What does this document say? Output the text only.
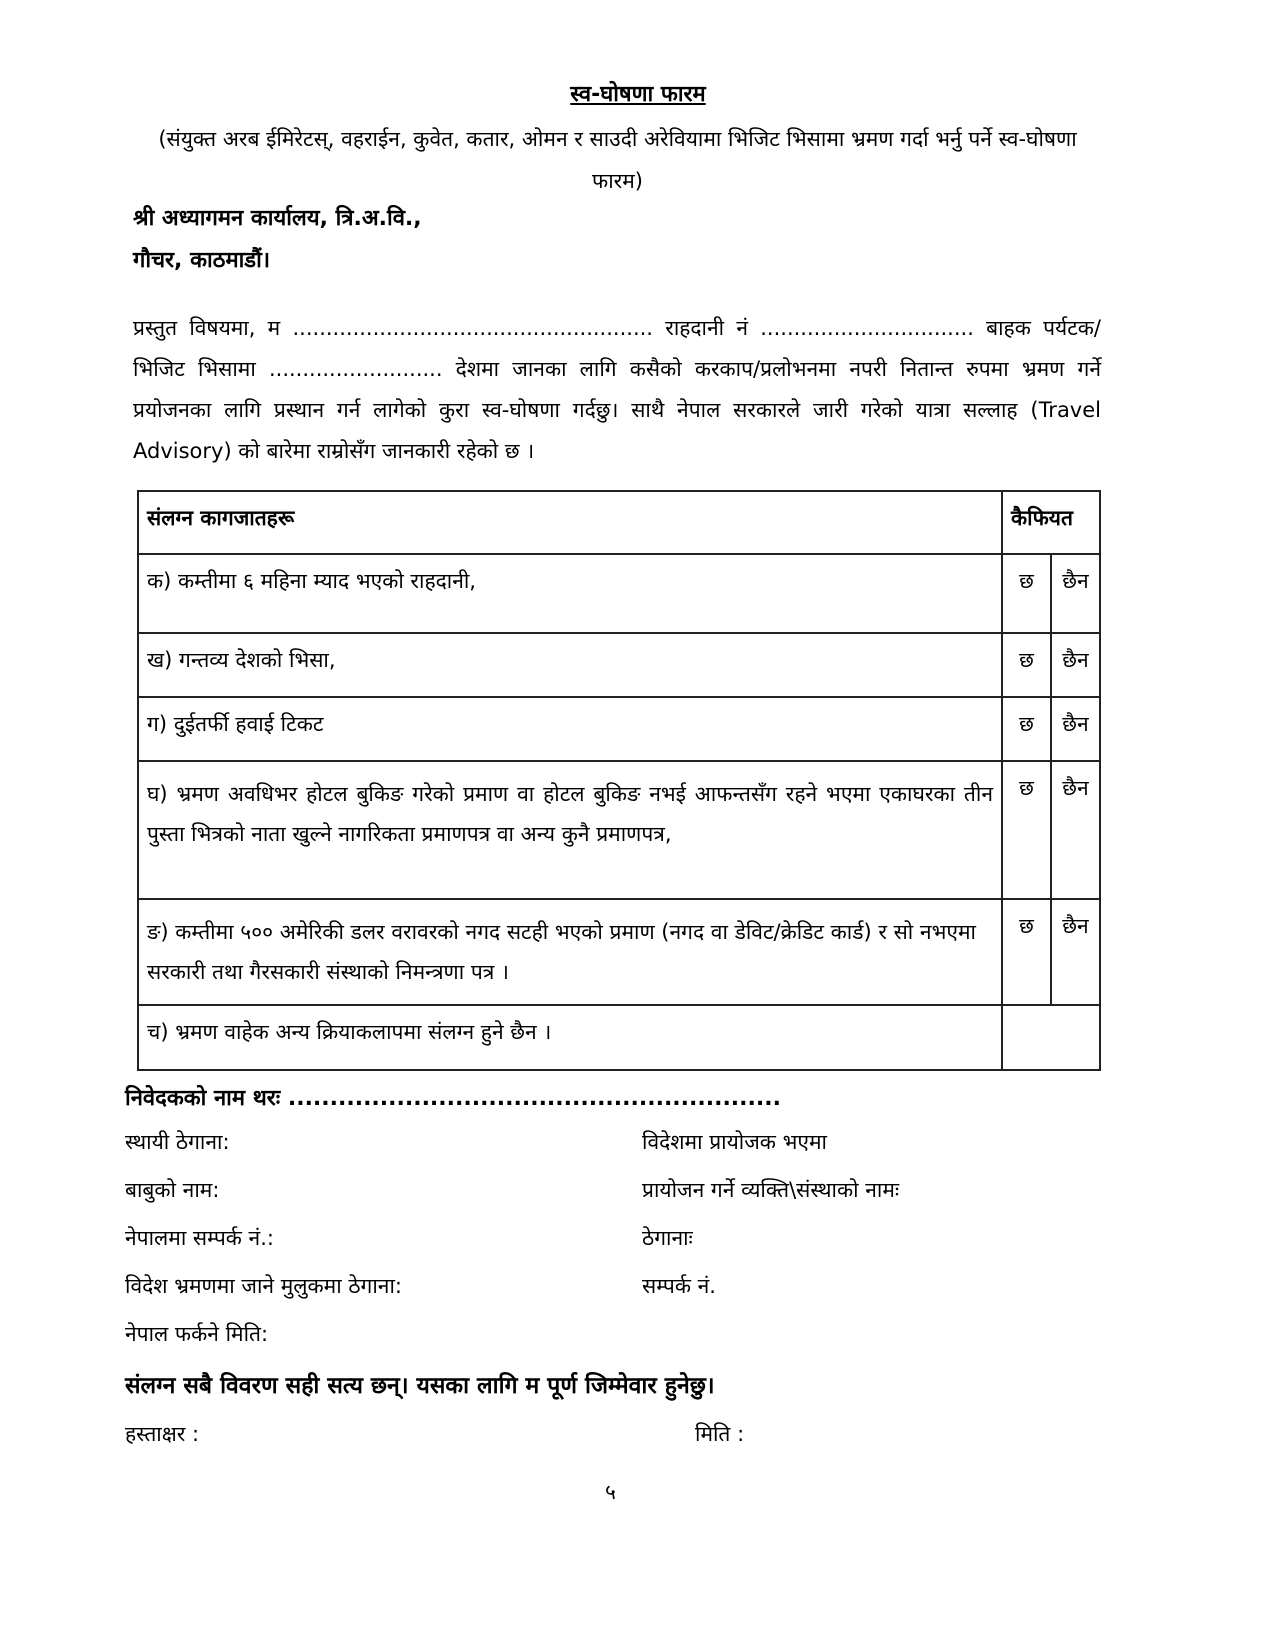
स्व-घोषणा फारम
(संयुक्त अरब ईमिरेटस्, वहराईन, कुवेत, कतार, ओमन र साउदी अरेवियामा भिजिट भिसामा भ्रमण गर्दा भर्नु पर्ने स्व-घोषणा फारम)
श्री अध्यागमन कार्यालय, त्रि.अ.वि.,
गौचर, काठमाडौं।
प्रस्तुत विषयमा, म ...................................................... राहदानी नं ................................ बाहक पर्यटक/भिजिट भिसामा .......................... देशमा जानका लागि कसैको करकाप/प्रलोभनमा नपरी नितान्त रुपमा भ्रमण गर्ने प्रयोजनका लागि प्रस्थान गर्न लागेको कुरा स्व-घोषणा गर्दछु। साथै नेपाल सरकारले जारी गरेको यात्रा सल्लाह (Travel Advisory) को बारेमा राम्रोसँग जानकारी रहेको छ ।
संलग्न कागजातहरू	कैफियत	
क) कम्तीमा ६ महिना म्याद भएको राहदानी,	छ	छैन
ख) गन्तव्य देशको भिसा,	छ	छैन
ग) दुईतर्फी हवाई टिकट	छ	छैन
घ) भ्रमण अवधिभर होटल बुकिङ गरेको प्रमाण वा होटल बुकिङ नभई आफन्तसँग रहने भएमा एकाघरका तीन पुस्ता भित्रको नाता खुल्ने नागरिकता प्रमाणपत्र वा अन्य कुनै प्रमाणपत्र,	छ	छैन
ङ) कम्तीमा ५०० अमेरिकी डलर वरावरको नगद सटही भएको प्रमाण (नगद वा डेविट/क्रेडिट कार्ड) र सो नभएमा सरकारी तथा गैरसकारी संस्थाको निमन्त्रणा पत्र ।	छ	छैन
च) भ्रमण वाहेक अन्य क्रियाकलापमा संलग्न हुने छैन ।		
निवेदकको नाम थरः ...........................................................
स्थायी ठेगाना:
बाबुको नाम:
नेपालमा सम्पर्क नं.:
विदेश भ्रमणमा जाने मुलुकमा ठेगाना:
नेपाल फर्कने मिति:
विदेशमा प्रायोजक भएमा
प्रायोजन गर्ने व्यक्ति\संस्थाको नामः
ठेगानाः
सम्पर्क नं.
संलग्न सबै विवरण सही सत्य छन्। यसका लागि म पूर्ण जिम्मेवार हुनेछु।
हस्ताक्षर :	मिति :
५
